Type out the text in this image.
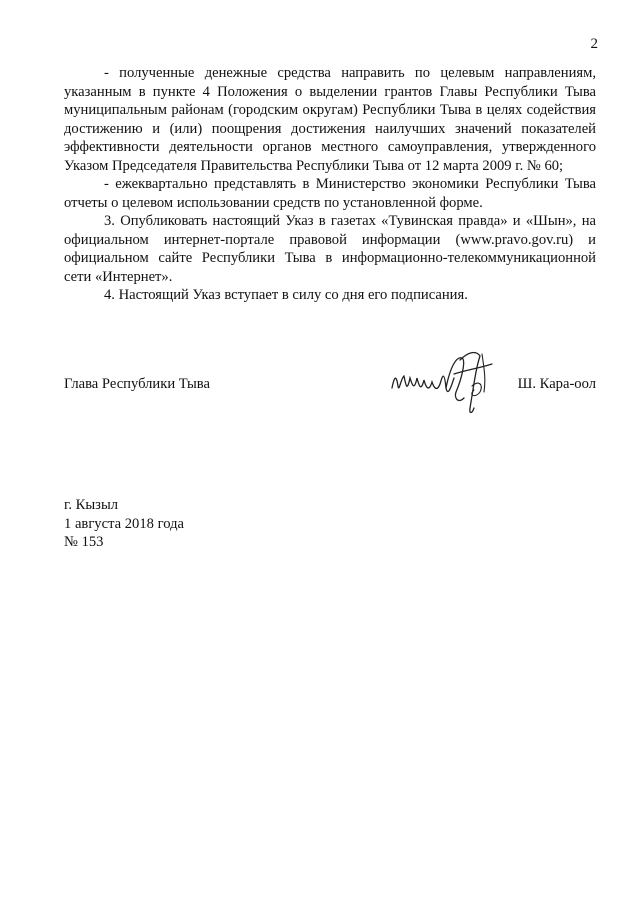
2

- полученные денежные средства направить по целевым направлениям, указанным в пункте 4 Положения о выделении грантов Главы Республики Тыва муниципальным районам (городским округам) Республики Тыва в целях содействия достижению и (или) поощрения достижения наилучших значений показателей эффективности деятельности органов местного самоуправления, утвержденного Указом Председателя Правительства Республики Тыва от 12 марта 2009 г. № 60;

- ежеквартально представлять в Министерство экономики Республики Тыва отчеты о целевом использовании средств по установленной форме.

3. Опубликовать настоящий Указ в газетах «Тувинская правда» и «Шын», на официальном интернет-портале правовой информации (www.pravo.gov.ru) и официальном сайте Республики Тыва в информационно-телекоммуникационной сети «Интернет».

4. Настоящий Указ вступает в силу со дня его подписания.

Глава Республики Тыва	Ш. Кара-оол
г. Кызыл
1 августа 2018 года
№ 153
